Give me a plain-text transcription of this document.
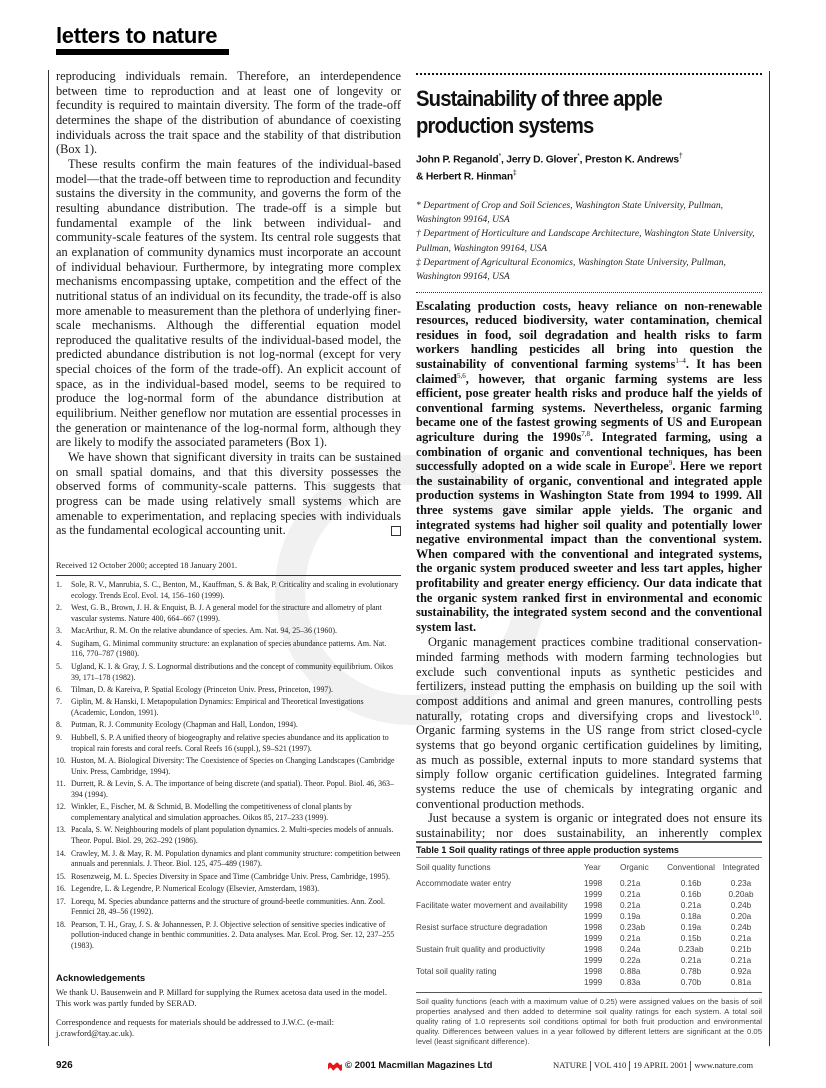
letters to nature

reproducing individuals remain. Therefore, an interdependence between time to reproduction and at least one of longevity or fecundity is required to maintain diversity. The form of the trade-off determines the shape of the distribution of abundance of coexisting individuals across the trait space and the stability of that distribution (Box 1).

These results confirm the main features of the individual-based model—that the trade-off between time to reproduction and fecundity sustains the diversity in the community, and governs the form of the resulting abundance distribution. The trade-off is a simple but fundamental example of the link between individual- and community-scale features of the system. Its central role suggests that an explanation of community dynamics must incorporate an account of individual behaviour. Furthermore, by integrating more complex mechanisms encompassing uptake, competition and the effect of the nutritional status of an individual on its fecundity, the trade-off is also more amenable to measurement than the plethora of underlying finer-scale mechanisms. Although the differential equation model reproduced the qualitative results of the individual-based model, the predicted abundance distribution is not log-normal (except for very special choices of the form of the trade-off). An explicit account of space, as in the individual-based model, seems to be required to produce the log-normal form of the abundance distribution at equilibrium. Neither geneflow nor mutation are essential processes in the generation or maintenance of the log-normal form, although they are likely to modify the associated parameters (Box 1).

We have shown that significant diversity in traits can be sustained on small spatial domains, and that this diversity possesses the observed forms of community-scale patterns. This suggests that progress can be made using relatively small systems which are amenable to experimentation, and replacing species with individuals as the fundamental ecological accounting unit.

Received 12 October 2000; accepted 18 January 2001.
1. Sole, R. V., Manrubia, S. C., Benton, M., Kauffman, S. & Bak, P. Criticality and scaling in evolutionary ecology. Trends Ecol. Evol. 14, 156–160 (1999).
2. West, G. B., Brown, J. H. & Enquist, B. J. A general model for the structure and allometry of plant vascular systems. Nature 400, 664–667 (1999).
3. MacArthur, R. M. On the relative abundance of species. Am. Nat. 94, 25–36 (1960).
4. Sugiham, G. Minimal community structure: an explanation of species abundance patterns. Am. Nat. 116, 770–787 (1980).
5. Ugland, K. I. & Gray, J. S. Lognormal distributions and the concept of community equilibrium. Oikos 39, 171–178 (1982).
6. Tilman, D. & Kareiva, P. Spatial Ecology (Princeton Univ. Press, Princeton, 1997).
7. Giplin, M. & Hanski, I. Metapopulation Dynamics: Empirical and Theoretical Investigations (Academic, London, 1991).
8. Putman, R. J. Community Ecology (Chapman and Hall, London, 1994).
9. Hubbell, S. P. A unified theory of biogeography and relative species abundance and its application to tropical rain forests and coral reefs. Coral Reefs 16 (suppl.), S9–S21 (1997).
10. Huston, M. A. Biological Diversity: The Coexistence of Species on Changing Landscapes (Cambridge Univ. Press, Cambridge, 1994).
11. Durrett, R. & Levin, S. A. The importance of being discrete (and spatial). Theor. Popul. Biol. 46, 363–394 (1994).
12. Winkler, E., Fischer, M. & Schmid, B. Modelling the competitiveness of clonal plants by complementary analytical and simulation approaches. Oikos 85, 217–233 (1999).
13. Pacala, S. W. Neighbouring models of plant population dynamics. 2. Multi-species models of annuals. Theor. Popul. Biol. 29, 262–292 (1986).
14. Crawley, M. J. & May, R. M. Population dynamics and plant community structure: competition between annuals and perennials. J. Theor. Biol. 125, 475–489 (1987).
15. Rosenzweig, M. L. Species Diversity in Space and Time (Cambridge Univ. Press, Cambridge, 1995).
16. Legendre, L. & Legendre, P. Numerical Ecology (Elsevier, Amsterdam, 1983).
17. Lorequ, M. Species abundance patterns and the structure of ground-beetle communities. Ann. Zool. Fennici 28, 49–56 (1992).
18. Pearson, T. H., Gray, J. S. & Johannessen, P. J. Objective selection of sensitive species indicative of pollution-induced change in benthic communities. 2. Data analyses. Mar. Ecol. Prog. Ser. 12, 237–255 (1983).
Acknowledgements
We thank U. Bausenwein and P. Millard for supplying the Rumex acetosa data used in the model. This work was partly funded by SERAD.
Correspondence and requests for materials should be addressed to J.W.C. (e-mail: j.crawford@tay.ac.uk).
Sustainability of three apple
production systems
John P. Reganold*, Jerry D. Glover*, Preston K. Andrews†
& Herbert R. Hinman‡
* Department of Crop and Soil Sciences, Washington State University, Pullman, Washington 99164, USA
† Department of Horticulture and Landscape Architecture, Washington State University, Pullman, Washington 99164, USA
‡ Department of Agricultural Economics, Washington State University, Pullman, Washington 99164, USA
Escalating production costs, heavy reliance on non-renewable resources, reduced biodiversity, water contamination, chemical residues in food, soil degradation and health risks to farm workers handling pesticides all bring into question the sustainability of conventional farming systems$^{1-4}$. It has been claimed$^{5,6}$, however, that organic farming systems are less efficient, pose greater health risks and produce half the yields of conventional farming systems. Nevertheless, organic farming became one of the fastest growing segments of US and European agriculture during the $1990s^{7,8}$. Integrated farming, using a combination of organic and conventional techniques, has been successfully adopted on a wide scale in Europe$^9$. Here we report the sustainability of organic, conventional and integrated apple production systems in Washington State from 1994 to 1999. All three systems gave similar apple yields. The organic and integrated systems had higher soil quality and potentially lower negative environmental impact than the conventional system. When compared with the conventional and integrated systems, the organic system produced sweeter and less tart apples, higher profitability and greater energy efficiency. Our data indicate that the organic system ranked first in environmental and economic sustainability, the integrated system second and the conventional system last.

Organic management practices combine traditional conservation-minded farming methods with modern farming technologies but exclude such conventional inputs as synthetic pesticides and fertilizers, instead putting the emphasis on building up the soil with compost additions and animal and green manures, controlling pests naturally, rotating crops and diversifying crops and livestock$^{10}$. Organic farming systems in the US range from strict closed-cycle systems that go beyond organic certification guidelines by limiting, as much as possible, external inputs to more standard systems that simply follow organic certification guidelines. Integrated farming systems reduce the use of chemicals by integrating organic and conventional production methods.

Just because a system is organic or integrated does not ensure its sustainability; nor does sustainability, an inherently complex

Table 1 Soil quality ratings of three apple production systems
Soil quality functions	Year	Organic	Conventional	Integrated
Accommodate water entry	1998	0.21a	0.16b	0.23a
	1999	0.21a	0.16b	0.20ab
Facilitate water movement and availability	1998	0.21a	0.21a	0.24b
	1999	0.19a	0.18a	0.20a
Resist surface structure degradation	1998	0.23ab	0.19a	0.24b
	1999	0.21a	0.15b	0.21a
Sustain fruit quality and productivity	1998	0.24a	0.23ab	0.21b
	1999	0.22a	0.21a	0.21a
Total soil quality rating	1998	0.88a	0.78b	0.92a
	1999	0.83a	0.70b	0.81a
Soil quality functions (each with a maximum value of 0.25) were assigned values on the basis of soil properties analysed and then added to determine soil quality ratings for each system. A total soil quality rating of 1.0 represents soil conditions optimal for both fruit production and environmental quality. Differences between values in a year followed by different letters are significant at the 0.05 level (least significant difference).
926	© 2001 Macmillan Magazines Ltd	NATURE VOL 410 19 APRIL 2001 www.nature.com
